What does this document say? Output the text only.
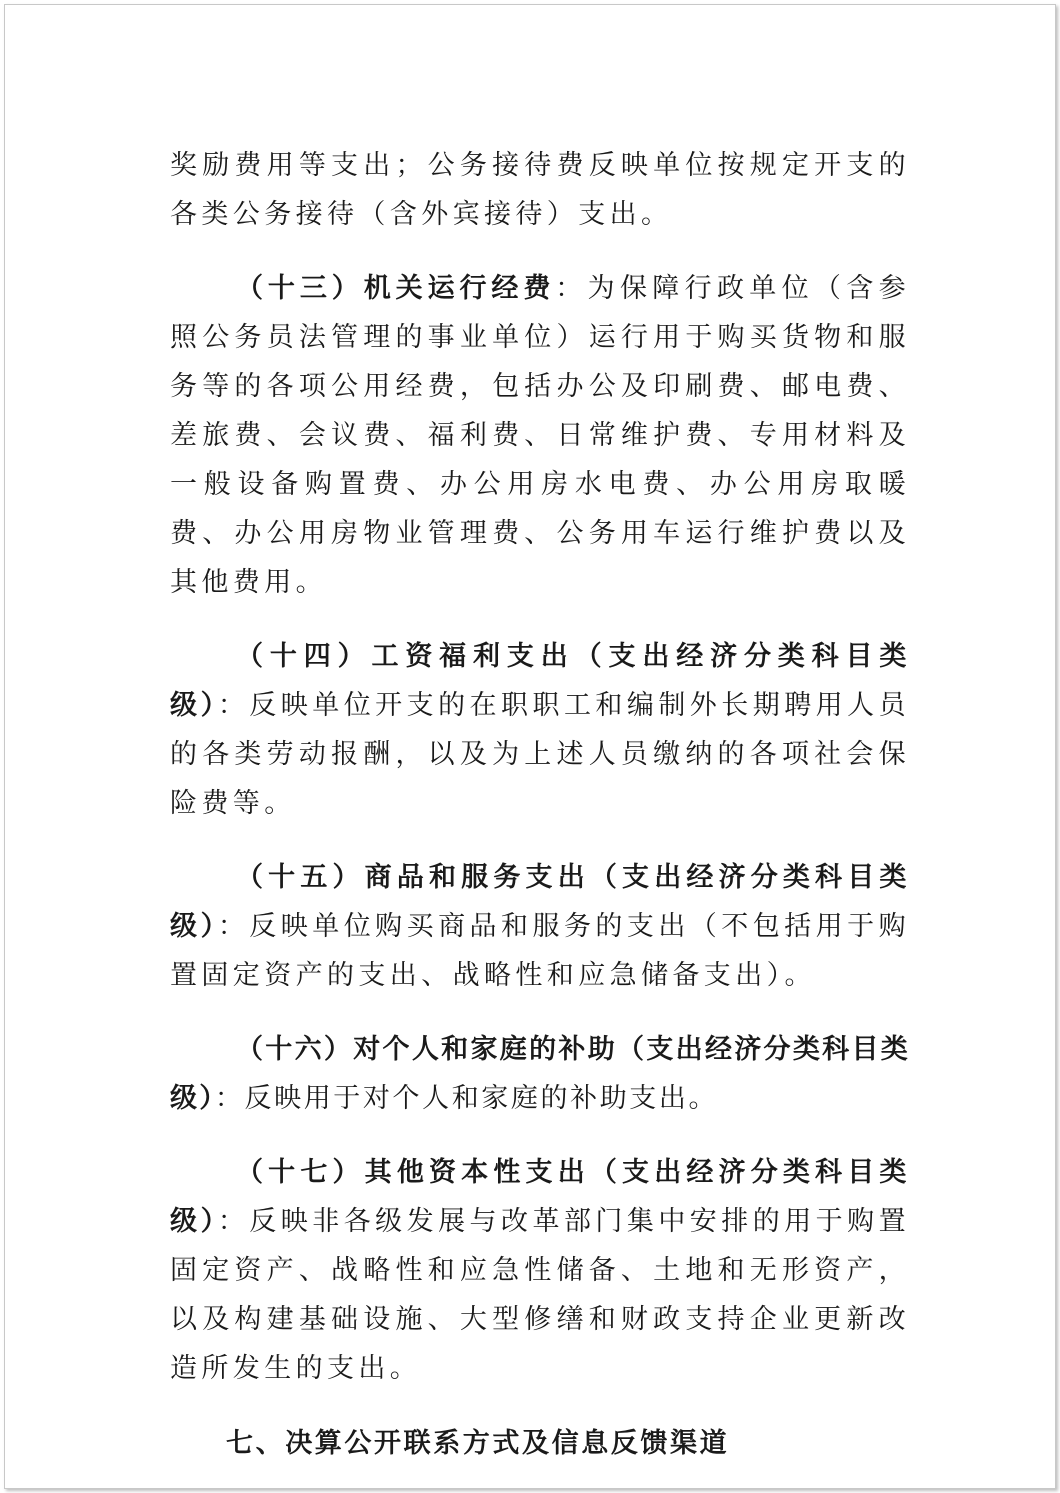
奖励费用等支出；公务接待费反映单位按规定开支的各类公务接待（含外宾接待）支出。

（十三）机关运行经费：为保障行政单位（含参照公务员法管理的事业单位）运行用于购买货物和服务等的各项公用经费，包括办公及印刷费、邮电费、差旅费、会议费、福利费、日常维护费、专用材料及一般设备购置费、办公用房水电费、办公用房取暖费、办公用房物业管理费、公务用车运行维护费以及其他费用。

（十四）工资福利支出（支出经济分类科目类级）：反映单位开支的在职职工和编制外长期聘用人员的各类劳动报酬，以及为上述人员缴纳的各项社会保险费等。

（十五）商品和服务支出（支出经济分类科目类级）：反映单位购买商品和服务的支出（不包括用于购置固定资产的支出、战略性和应急储备支出）。

（十六）对个人和家庭的补助（支出经济分类科目类级）：反映用于对个人和家庭的补助支出。

（十七）其他资本性支出（支出经济分类科目类级）：反映非各级发展与改革部门集中安排的用于购置固定资产、战略性和应急性储备、土地和无形资产，以及构建基础设施、大型修缮和财政支持企业更新改造所发生的支出。

七、决算公开联系方式及信息反馈渠道
